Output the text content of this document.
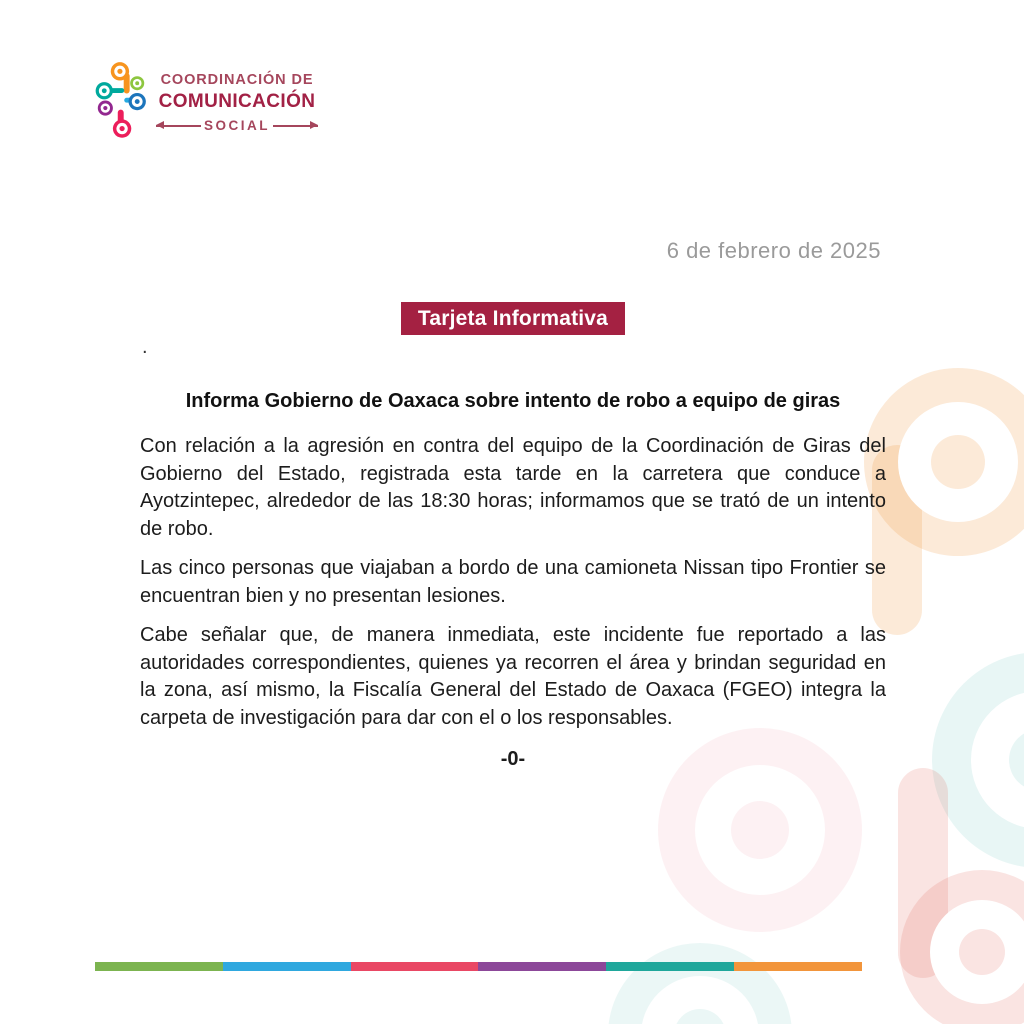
COORDINACIÓN DE
COMUNICACIÓN
SOCIAL
6 de febrero de 2025
Tarjeta Informativa
.
Informa Gobierno de Oaxaca sobre intento de robo a equipo de giras

Con relación a la agresión en contra del equipo de la Coordinación de Giras del Gobierno del Estado, registrada esta tarde en la carretera que conduce a Ayotzintepec, alrededor de las 18:30 horas; informamos que se trató de un intento de robo.

Las cinco personas que viajaban a bordo de una camioneta Nissan tipo Frontier se encuentran bien y no presentan lesiones.

Cabe señalar que, de manera inmediata, este incidente fue reportado a las autoridades correspondientes, quienes ya recorren el área y brindan seguridad en la zona, así mismo, la Fiscalía General del Estado de Oaxaca (FGEO) integra la carpeta de investigación para dar con el o los responsables.

-0-
